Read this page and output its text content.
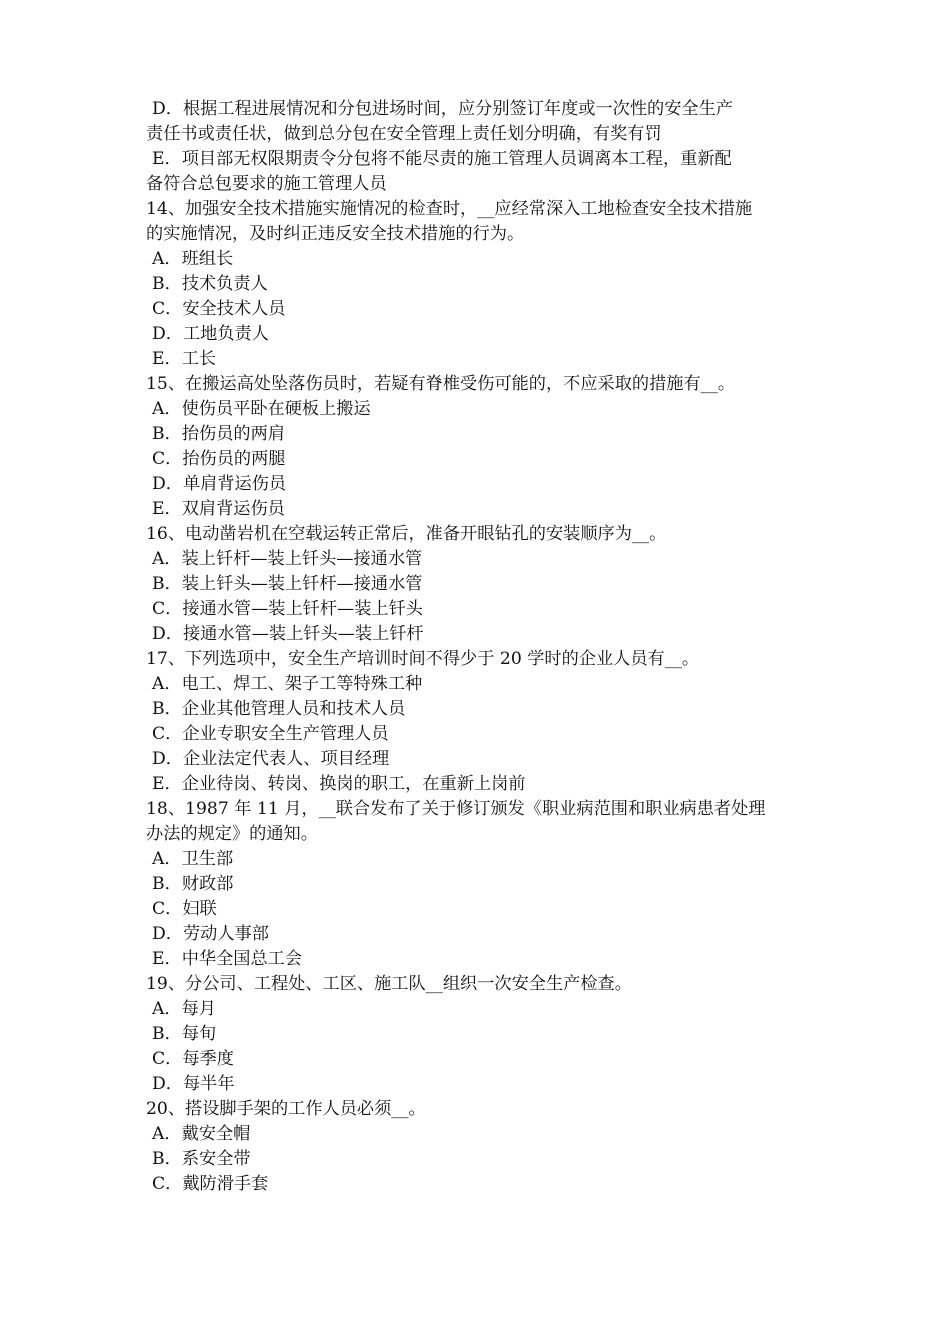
D．根据工程进展情况和分包进场时间，应分别签订年度或一次性的安全生产
责任书或责任状，做到总分包在安全管理上责任划分明确，有奖有罚
E．项目部无权限期责令分包将不能尽责的施工管理人员调离本工程，重新配
备符合总包要求的施工管理人员
14、加强安全技术措施实施情况的检查时，__应经常深入工地检查安全技术措施
的实施情况，及时纠正违反安全技术措施的行为。
A．班组长
B．技术负责人
C．安全技术人员
D．工地负责人
E．工长
15、在搬运高处坠落伤员时，若疑有脊椎受伤可能的，不应采取的措施有__。
A．使伤员平卧在硬板上搬运
B．抬伤员的两肩
C．抬伤员的两腿
D．单肩背运伤员
E．双肩背运伤员
16、电动凿岩机在空载运转正常后，准备开眼钻孔的安装顺序为__。
A．装上钎杆—装上钎头—接通水管
B．装上钎头—装上钎杆—接通水管
C．接通水管—装上钎杆—装上钎头
D．接通水管—装上钎头—装上钎杆
17、下列选项中，安全生产培训时间不得少于 20 学时的企业人员有__。
A．电工、焊工、架子工等特殊工种
B．企业其他管理人员和技术人员
C．企业专职安全生产管理人员
D．企业法定代表人、项目经理
E．企业待岗、转岗、换岗的职工，在重新上岗前
18、1987 年 11 月，__联合发布了关于修订颁发《职业病范围和职业病患者处理
办法的规定》的通知。
A．卫生部
B．财政部
C．妇联
D．劳动人事部
E．中华全国总工会
19、分公司、工程处、工区、施工队__组织一次安全生产检查。
A．每月
B．每旬
C．每季度
D．每半年
20、搭设脚手架的工作人员必须__。
A．戴安全帽
B．系安全带
C．戴防滑手套
